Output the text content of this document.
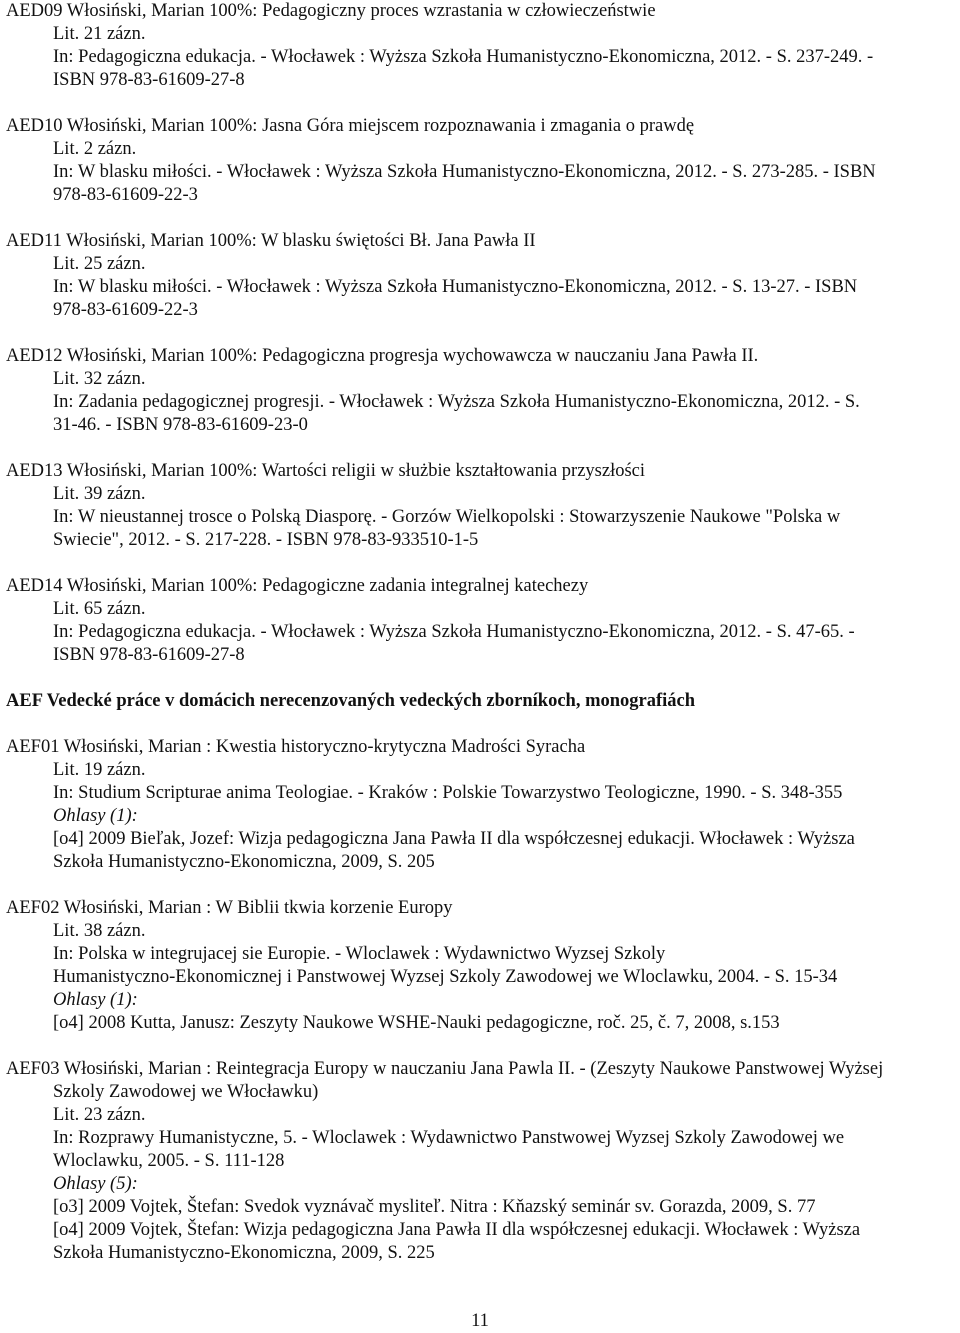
AED09 Włosiński, Marian 100%: Pedagogiczny proces wzrastania w człowieczeństwie
Lit. 21 zázn.
In: Pedagogiczna edukacja. - Włocławek : Wyższa Szkoła Humanistyczno-Ekonomiczna, 2012. - S. 237-249. -
ISBN 978-83-61609-27-8
AED10 Włosiński, Marian 100%: Jasna Góra miejscem rozpoznawania i zmagania o prawdę
Lit. 2 zázn.
In: W blasku miłości. - Włocławek : Wyższa Szkoła Humanistyczno-Ekonomiczna, 2012. - S. 273-285. - ISBN
978-83-61609-22-3
AED11 Włosiński, Marian 100%: W blasku świętości Bł. Jana Pawła II
Lit. 25 zázn.
In: W blasku miłości. - Włocławek : Wyższa Szkoła Humanistyczno-Ekonomiczna, 2012. - S. 13-27. - ISBN
978-83-61609-22-3
AED12 Włosiński, Marian 100%: Pedagogiczna progresja wychowawcza w nauczaniu Jana Pawła II.
Lit. 32 zázn.
In: Zadania pedagogicznej progresji. - Włocławek : Wyższa Szkoła Humanistyczno-Ekonomiczna, 2012. - S.
31-46. - ISBN 978-83-61609-23-0
AED13 Włosiński, Marian 100%: Wartości religii w służbie kształtowania przyszłości
Lit. 39 zázn.
In: W nieustannej trosce o Polską Diasporę. - Gorzów Wielkopolski : Stowarzyszenie Naukowe "Polska w
Swiecie", 2012. - S. 217-228. - ISBN 978-83-933510-1-5
AED14 Włosiński, Marian 100%: Pedagogiczne zadania integralnej katechezy
Lit. 65 zázn.
In: Pedagogiczna edukacja. - Włocławek : Wyższa Szkoła Humanistyczno-Ekonomiczna, 2012. - S. 47-65. -
ISBN 978-83-61609-27-8
AEF Vedecké práce v domácich nerecenzovaných vedeckých zborníkoch, monografiách
AEF01 Włosiński, Marian : Kwestia historyczno-krytyczna Madrości Syracha
Lit. 19 zázn.
In: Studium Scripturae anima Teologiae. - Kraków : Polskie Towarzystwo Teologiczne, 1990. - S. 348-355
Ohlasy (1):
[o4] 2009 Bieľak, Jozef: Wizja pedagogiczna Jana Pawła II dla współczesnej edukacji. Włocławek : Wyższa
Szkoła Humanistyczno-Ekonomiczna, 2009, S. 205
AEF02 Włosiński, Marian : W Biblii tkwia korzenie Europy
Lit. 38 zázn.
In: Polska w integrujacej sie Europie. - Wloclawek : Wydawnictwo Wyzsej Szkoly
Humanistyczno-Ekonomicznej i Panstwowej Wyzsej Szkoly Zawodowej we Wloclawku, 2004. - S. 15-34
Ohlasy (1):
[o4] 2008 Kutta, Janusz: Zeszyty Naukowe WSHE-Nauki pedagogiczne, roč. 25, č. 7, 2008, s.153
AEF03 Włosiński, Marian : Reintegracja Europy w nauczaniu Jana Pawla II. - (Zeszyty Naukowe Panstwowej Wyżsej
Szkoly Zawodowej we Włocławku)
Lit. 23 zázn.
In: Rozprawy Humanistyczne, 5. - Wloclawek : Wydawnictwo Panstwowej Wyzsej Szkoly Zawodowej we
Wloclawku, 2005. - S. 111-128
Ohlasy (5):
[o3] 2009 Vojtek, Štefan: Svedok vyznávač mysliteľ. Nitra : Kňazský seminár sv. Gorazda, 2009, S. 77
[o4] 2009 Vojtek, Štefan: Wizja pedagogiczna Jana Pawła II dla współczesnej edukacji. Włocławek : Wyższa
Szkoła Humanistyczno-Ekonomiczna, 2009, S. 225
11
